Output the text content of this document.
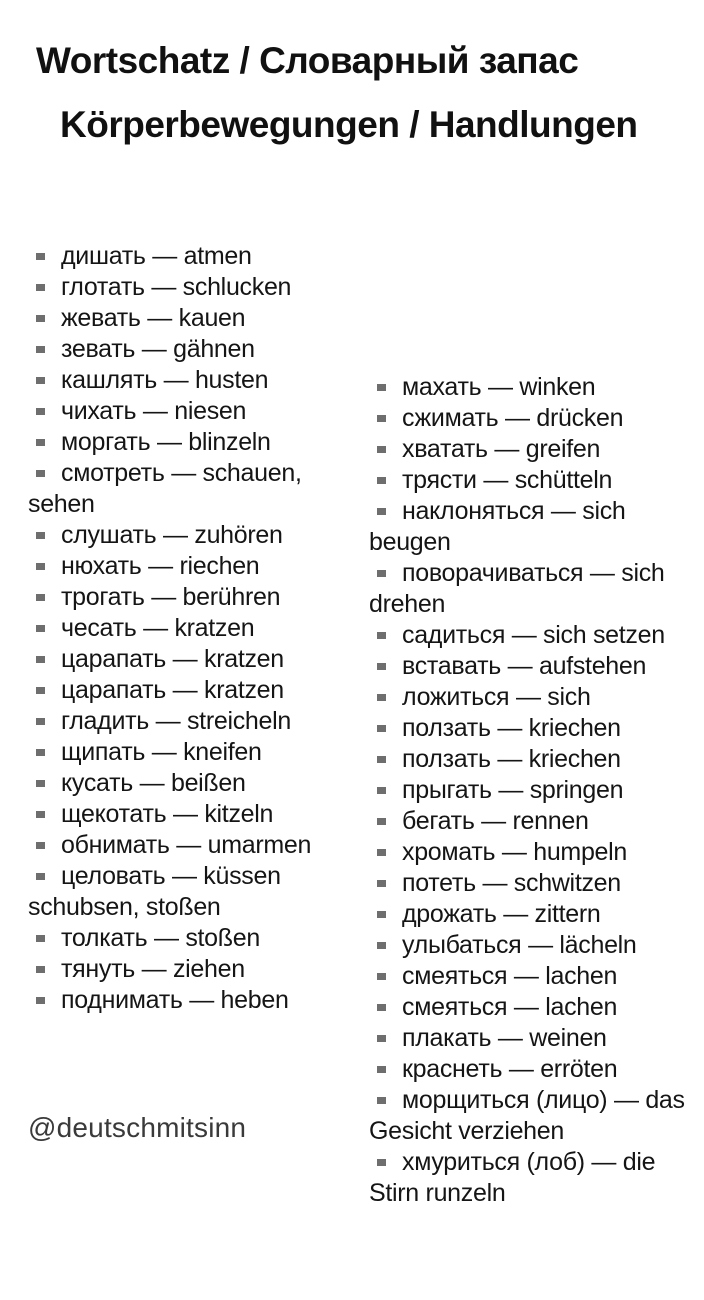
Wortschatz / Словарный запас
Körperbewegungen / Handlungen
дишать — atmen
глотать — schlucken
жевать — kauen
зевать — gähnen
кашлять — husten
чихать — niesen
моргать — blinzeln
смотреть — schauen, sehen
слушать — zuhören
нюхать — riechen
трогать — berühren
чесать — kratzen
царапать — kratzen
царапать — kratzen
гладить — streicheln
щипать — kneifen
кусать — beißen
щекотать — kitzeln
обнимать — umarmen
целовать — küssen schubsen, stoßen
толкать — stoßen
тянуть — ziehen
поднимать — heben
махать — winken
сжимать — drücken
хватать — greifen
трясти — schütteln
наклоняться — sich beugen
поворачиваться — sich drehen
садиться — sich setzen
вставать — aufstehen
ложиться — sich
ползать — kriechen
ползать — kriechen
прыгать — springen
бегать — rennen
хромать — humpeln
потеть — schwitzen
дрожать — zittern
улыбаться — lächeln
смеяться — lachen
смеяться — lachen
плакать — weinen
краснеть — erröten
морщиться (лицо) — das Gesicht verziehen
хмуриться (лоб) — die Stirn runzeln
@deutschmitsinn
